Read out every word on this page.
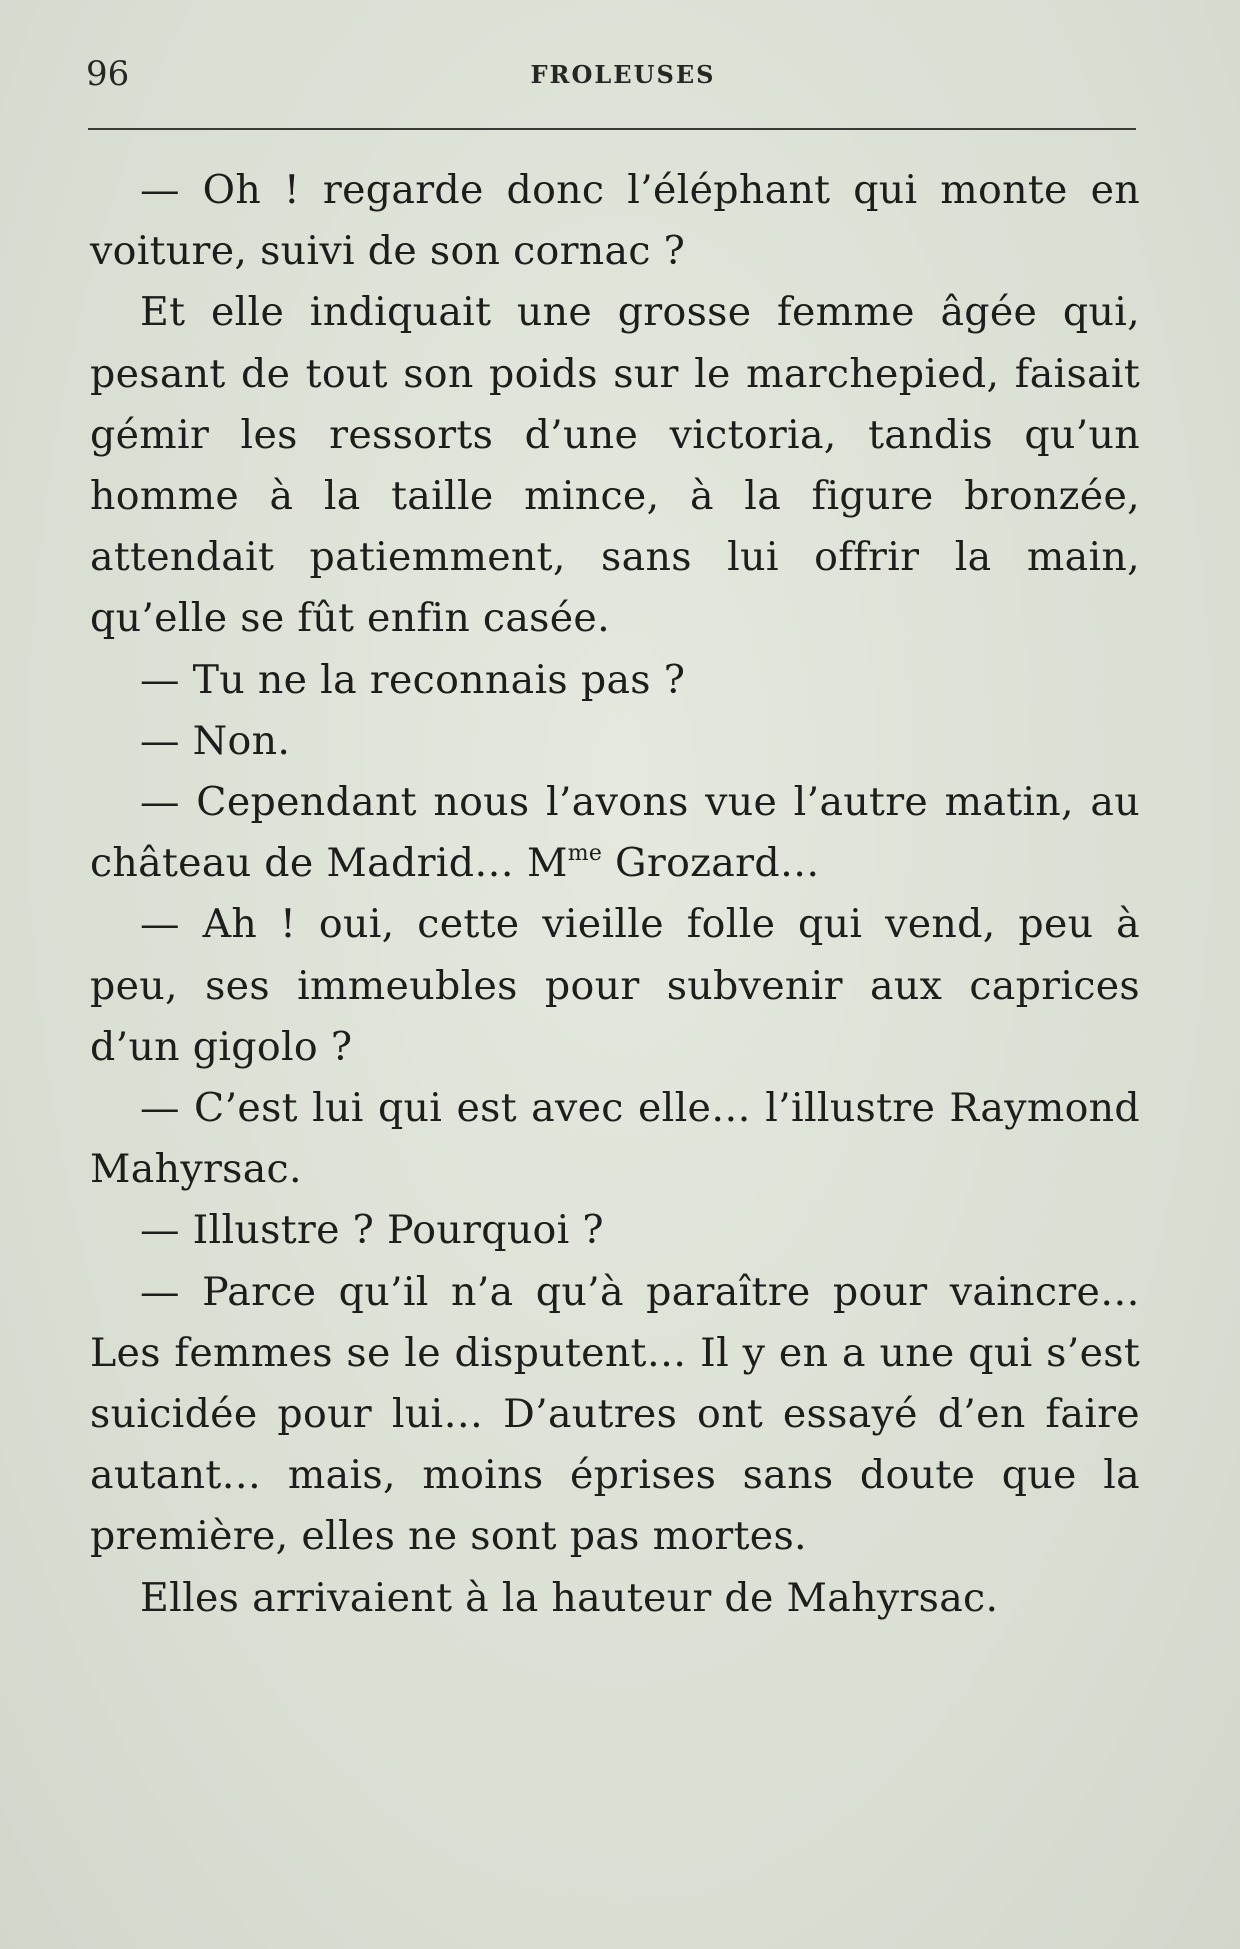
96	FROLEUSES

— Oh ! regarde donc l’éléphant qui monte en voiture, suivi de son cornac ?

Et elle indiquait une grosse femme âgée qui, pesant de tout son poids sur le marchepied, faisait gémir les ressorts d’une victoria, tandis qu’un homme à la taille mince, à la figure bronzée, attendait patiemment, sans lui offrir la main, qu’elle se fût enfin casée.

— Tu ne la reconnais pas ?

— Non.

— Cependant nous l’avons vue l’autre matin, au château de Madrid… $M^{me}$ Grozard…

— Ah ! oui, cette vieille folle qui vend, peu à peu, ses immeubles pour subvenir aux caprices d’un gigolo ?

— C’est lui qui est avec elle… l’illustre Raymond Mahyrsac.

— Illustre ? Pourquoi ?

— Parce qu’il n’a qu’à paraître pour vaincre… Les femmes se le disputent… Il y en a une qui s’est suicidée pour lui… D’autres ont essayé d’en faire autant… mais, moins éprises sans doute que la première, elles ne sont pas mortes.

Elles arrivaient à la hauteur de Mahyrsac.
